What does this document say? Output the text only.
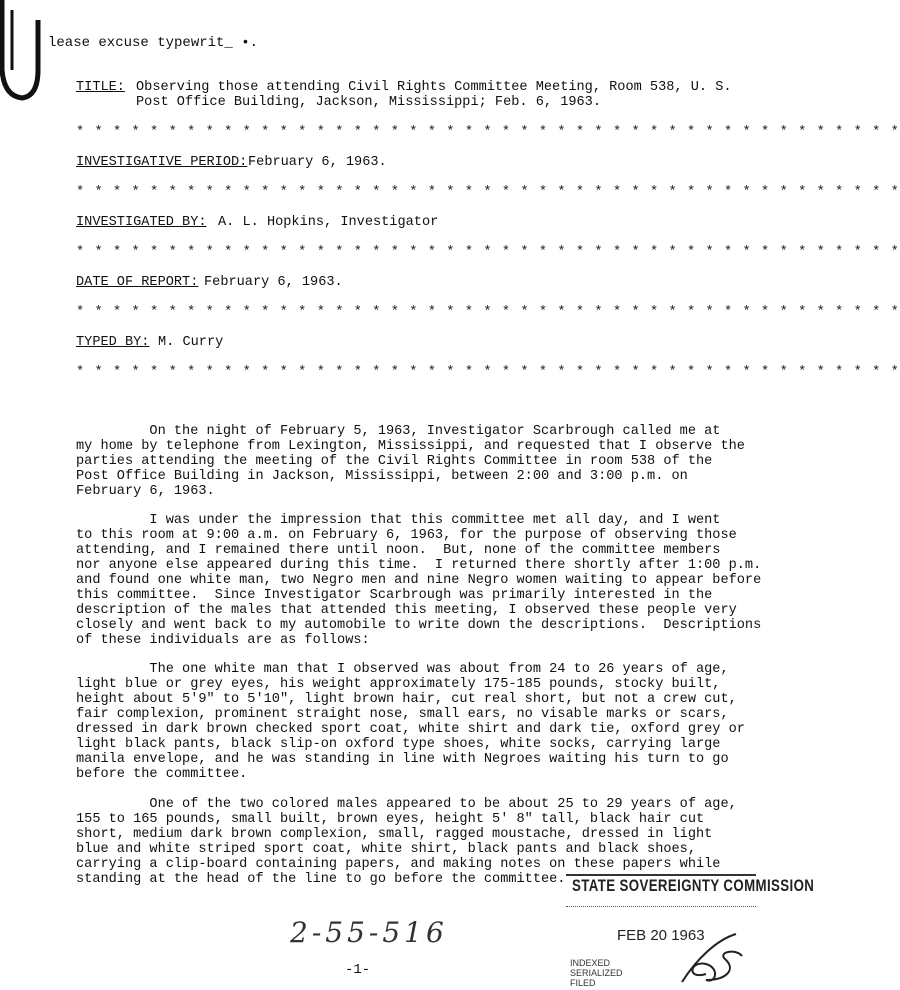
lease excuse typewrit_ •.
TITLE: Observing those attending Civil Rights Committee Meeting, Room 538, U. S.
Post Office Building, Jackson, Mississippi; Feb. 6, 1963.
* * * * * * * * * * * * * * * * * * * * * * * * * * * * * * * * * * * * * * * * * * * * *
INVESTIGATIVE PERIOD: February 6, 1963.
* * * * * * * * * * * * * * * * * * * * * * * * * * * * * * * * * * * * * * * * * * * * *
INVESTIGATED BY: A. L. Hopkins, Investigator
* * * * * * * * * * * * * * * * * * * * * * * * * * * * * * * * * * * * * * * * * * * * *
DATE OF REPORT: February 6, 1963.
* * * * * * * * * * * * * * * * * * * * * * * * * * * * * * * * * * * * * * * * * * * * *
TYPED BY: M. Curry
* * * * * * * * * * * * * * * * * * * * * * * * * * * * * * * * * * * * * * * * * * * * *
On the night of February 5, 1963, Investigator Scarbrough called me at
my home by telephone from Lexington, Mississippi, and requested that I observe the
parties attending the meeting of the Civil Rights Committee in room 538 of the
Post Office Building in Jackson, Mississippi, between 2:00 and 3:00 p.m. on
February 6, 1963.
I was under the impression that this committee met all day, and I went
to this room at 9:00 a.m. on February 6, 1963, for the purpose of observing those
attending, and I remained there until noon.  But, none of the committee members
nor anyone else appeared during this time.  I returned there shortly after 1:00 p.m.
and found one white man, two Negro men and nine Negro women waiting to appear before
this committee.  Since Investigator Scarbrough was primarily interested in the
description of the males that attended this meeting, I observed these people very
closely and went back to my automobile to write down the descriptions.  Descriptions
of these individuals are as follows:
The one white man that I observed was about from 24 to 26 years of age,
light blue or grey eyes, his weight approximately 175-185 pounds, stocky built,
height about 5'9" to 5'10", light brown hair, cut real short, but not a crew cut,
fair complexion, prominent straight nose, small ears, no visable marks or scars,
dressed in dark brown checked sport coat, white shirt and dark tie, oxford grey or
light black pants, black slip-on oxford type shoes, white socks, carrying large
manila envelope, and he was standing in line with Negroes waiting his turn to go
before the committee.
One of the two colored males appeared to be about 25 to 29 years of age,
155 to 165 pounds, small built, brown eyes, height 5' 8" tall, black hair cut
short, medium dark brown complexion, small, ragged moustache, dressed in light
blue and white striped sport coat, white shirt, black pants and black shoes,
carrying a clip-board containing papers, and making notes on these papers while
standing at the head of the line to go before the committee. STATE SOVEREIGNTY COMMISSION
FEB 20 1963
INDEXED
SERIALIZED
FILED
2-55-516
-1-
